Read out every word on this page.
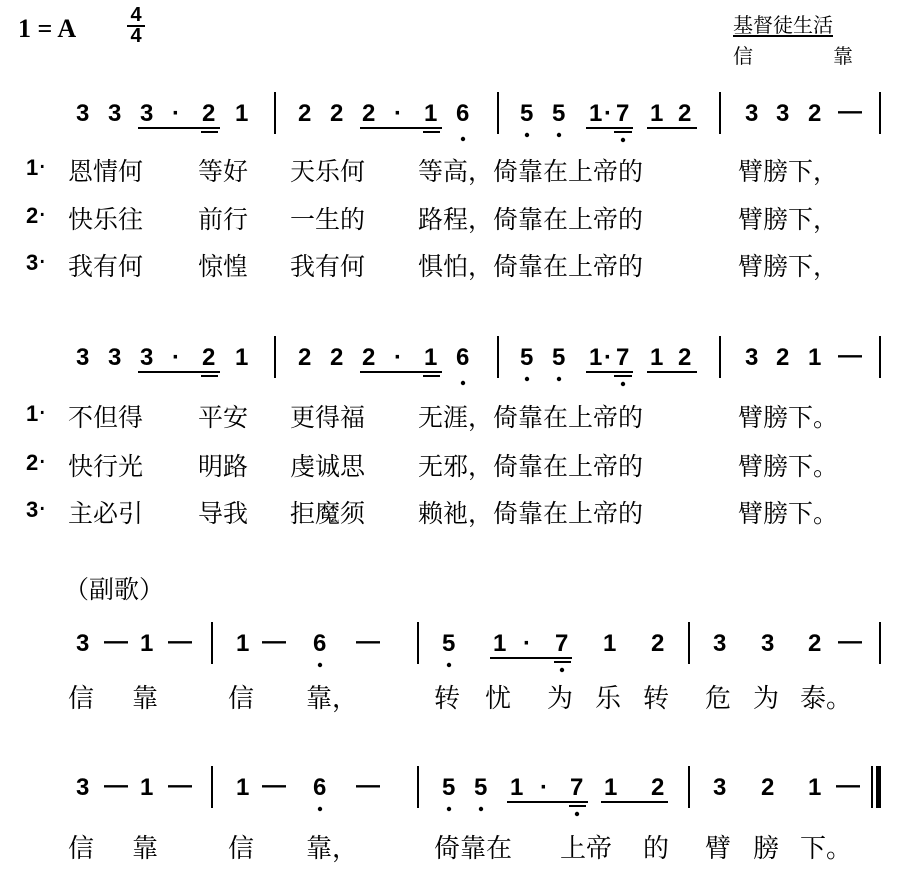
1 = A	4
4	基督徒生活
信	靠
3 3 3 · 2 1 2 2 2 · 1 6 5 5 1 · 7 1 2 3 3 2 —
1· 恩情何 等好 天乐何 等高，倚靠在上帝的	臂膀下，
2· 快乐往 前行 一生的 路程，倚靠在上帝的	臂膀下，
3· 我有何 惊惶 我有何 惧怕，倚靠在上帝的	臂膀下，
3 3 3 · 2 1 2 2 2 · 1 6 5 5 1 · 7 1 2 3 2 1 —
1· 不但得 平安 更得福 无涯，倚靠在上帝的	臂膀下。
2· 快行光 明路 虔诚思 无邪，倚靠在上帝的	臂膀下。
3· 主必引 导我 拒魔须 赖祂，倚靠在上帝的	臂膀下。
（副歌）
3 — 1 — 1 — 6 —	5 1 · 7 1 2 3 3 2 —
信 靠	信 靠，	转 忧 为 乐 转 危 为 泰。
3 — 1 — 1 — 6 —	5 5 1 · 7 1 2 3 2 1 —
信 靠	信 靠，	倚靠在 上帝 的 臂 膀 下。
